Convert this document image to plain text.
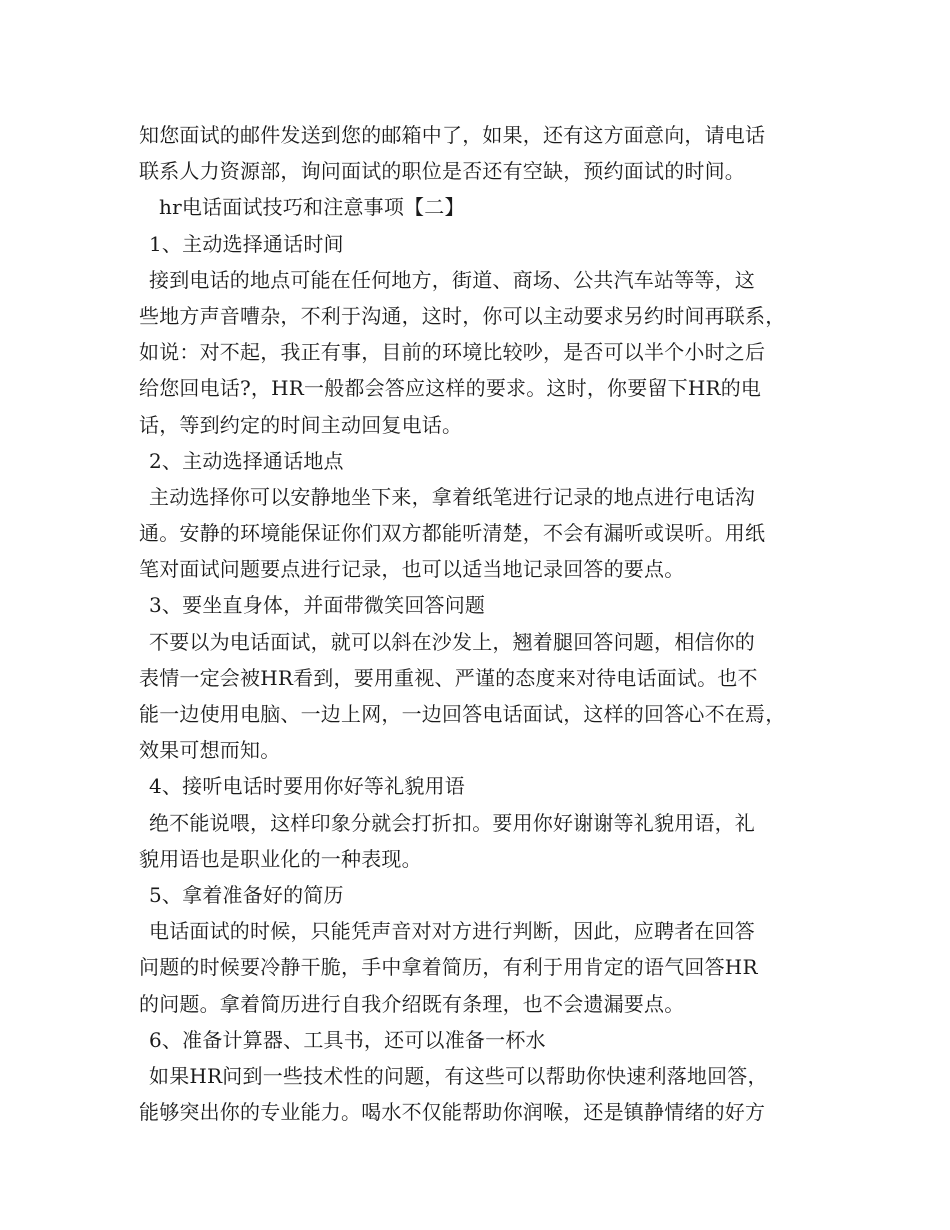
知您面试的邮件发送到您的邮箱中了，如果，还有这方面意向，请电话
联系人力资源部，询问面试的职位是否还有空缺，预约面试的时间。
hr电话面试技巧和注意事项【二】
1、主动选择通话时间
接到电话的地点可能在任何地方，街道、商场、公共汽车站等等，这
些地方声音嘈杂，不利于沟通，这时，你可以主动要求另约时间再联系，
如说：对不起，我正有事，目前的环境比较吵，是否可以半个小时之后
给您回电话?，HR一般都会答应这样的要求。这时，你要留下HR的电
话，等到约定的时间主动回复电话。
2、主动选择通话地点
主动选择你可以安静地坐下来，拿着纸笔进行记录的地点进行电话沟
通。安静的环境能保证你们双方都能听清楚，不会有漏听或误听。用纸
笔对面试问题要点进行记录，也可以适当地记录回答的要点。
3、要坐直身体，并面带微笑回答问题
不要以为电话面试，就可以斜在沙发上，翘着腿回答问题，相信你的
表情一定会被HR看到，要用重视、严谨的态度来对待电话面试。也不
能一边使用电脑、一边上网，一边回答电话面试，这样的回答心不在焉，
效果可想而知。
4、接听电话时要用你好等礼貌用语
绝不能说喂，这样印象分就会打折扣。要用你好谢谢等礼貌用语，礼
貌用语也是职业化的一种表现。
5、拿着准备好的简历
电话面试的时候，只能凭声音对对方进行判断，因此，应聘者在回答
问题的时候要冷静干脆，手中拿着简历，有利于用肯定的语气回答HR
的问题。拿着简历进行自我介绍既有条理，也不会遗漏要点。
6、准备计算器、工具书，还可以准备一杯水
如果HR问到一些技术性的问题，有这些可以帮助你快速利落地回答，
能够突出你的专业能力。喝水不仅能帮助你润喉，还是镇静情绪的好方
